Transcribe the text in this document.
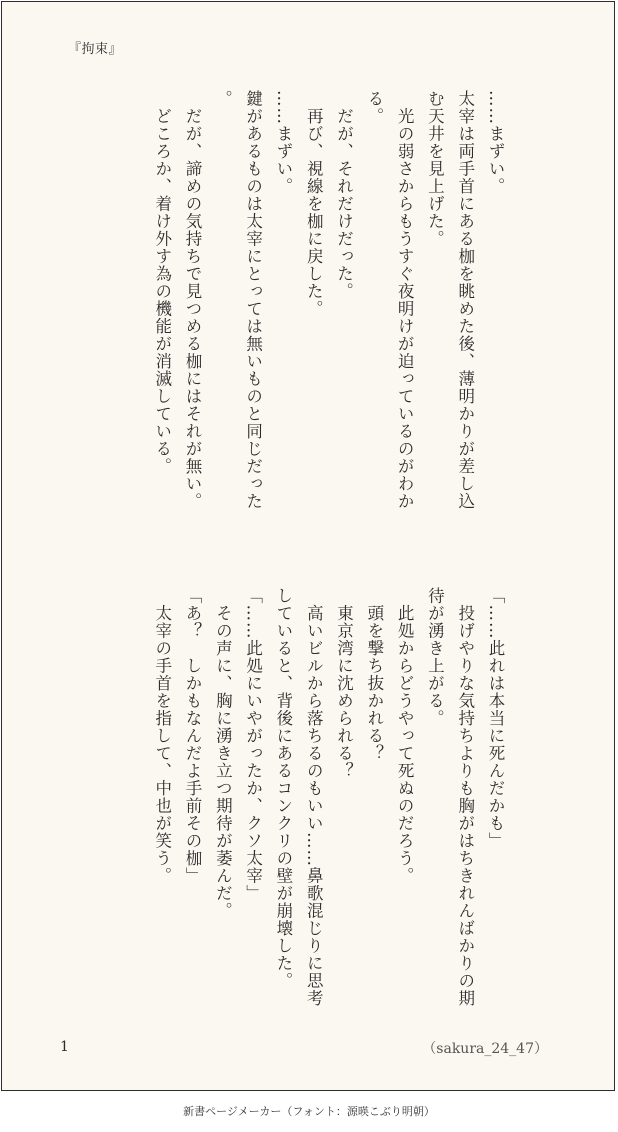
『拘束』
……まずい。
太宰は両手首にある枷を眺めた後、薄明かりが差し込む天井を見上げた。
　光の弱さからもうすぐ夜明けが迫っているのがわかる。
　だが、それだけだった。
　再び、視線を枷に戻した。
……まずい。
鍵があるものは太宰にとっては無いものと同じだった。
　だが、諦めの気持ちで見つめる枷にはそれが無い。
　どころか、着け外す為の機能が消滅している。
「……此れは本当に死んだかも」
　投げやりな気持ちよりも胸がはちきれんばかりの期待が湧き上がる。
　此処からどうやって死ぬのだろう。
　頭を撃ち抜かれる？
　東京湾に沈められる？
　高いビルから落ちるのもいい……鼻歌混じりに思考していると、背後にあるコンクリの壁が崩壊した。
「……此処にいやがったか、クソ太宰」
　その声に、胸に湧き立つ期待が萎んだ。
「あ？　しかもなんだよ手前その枷」
　太宰の手首を指して、中也が笑う。
1	（sakura_24_47）
新書ページメーカー（フォント：源暎こぶり明朝）
